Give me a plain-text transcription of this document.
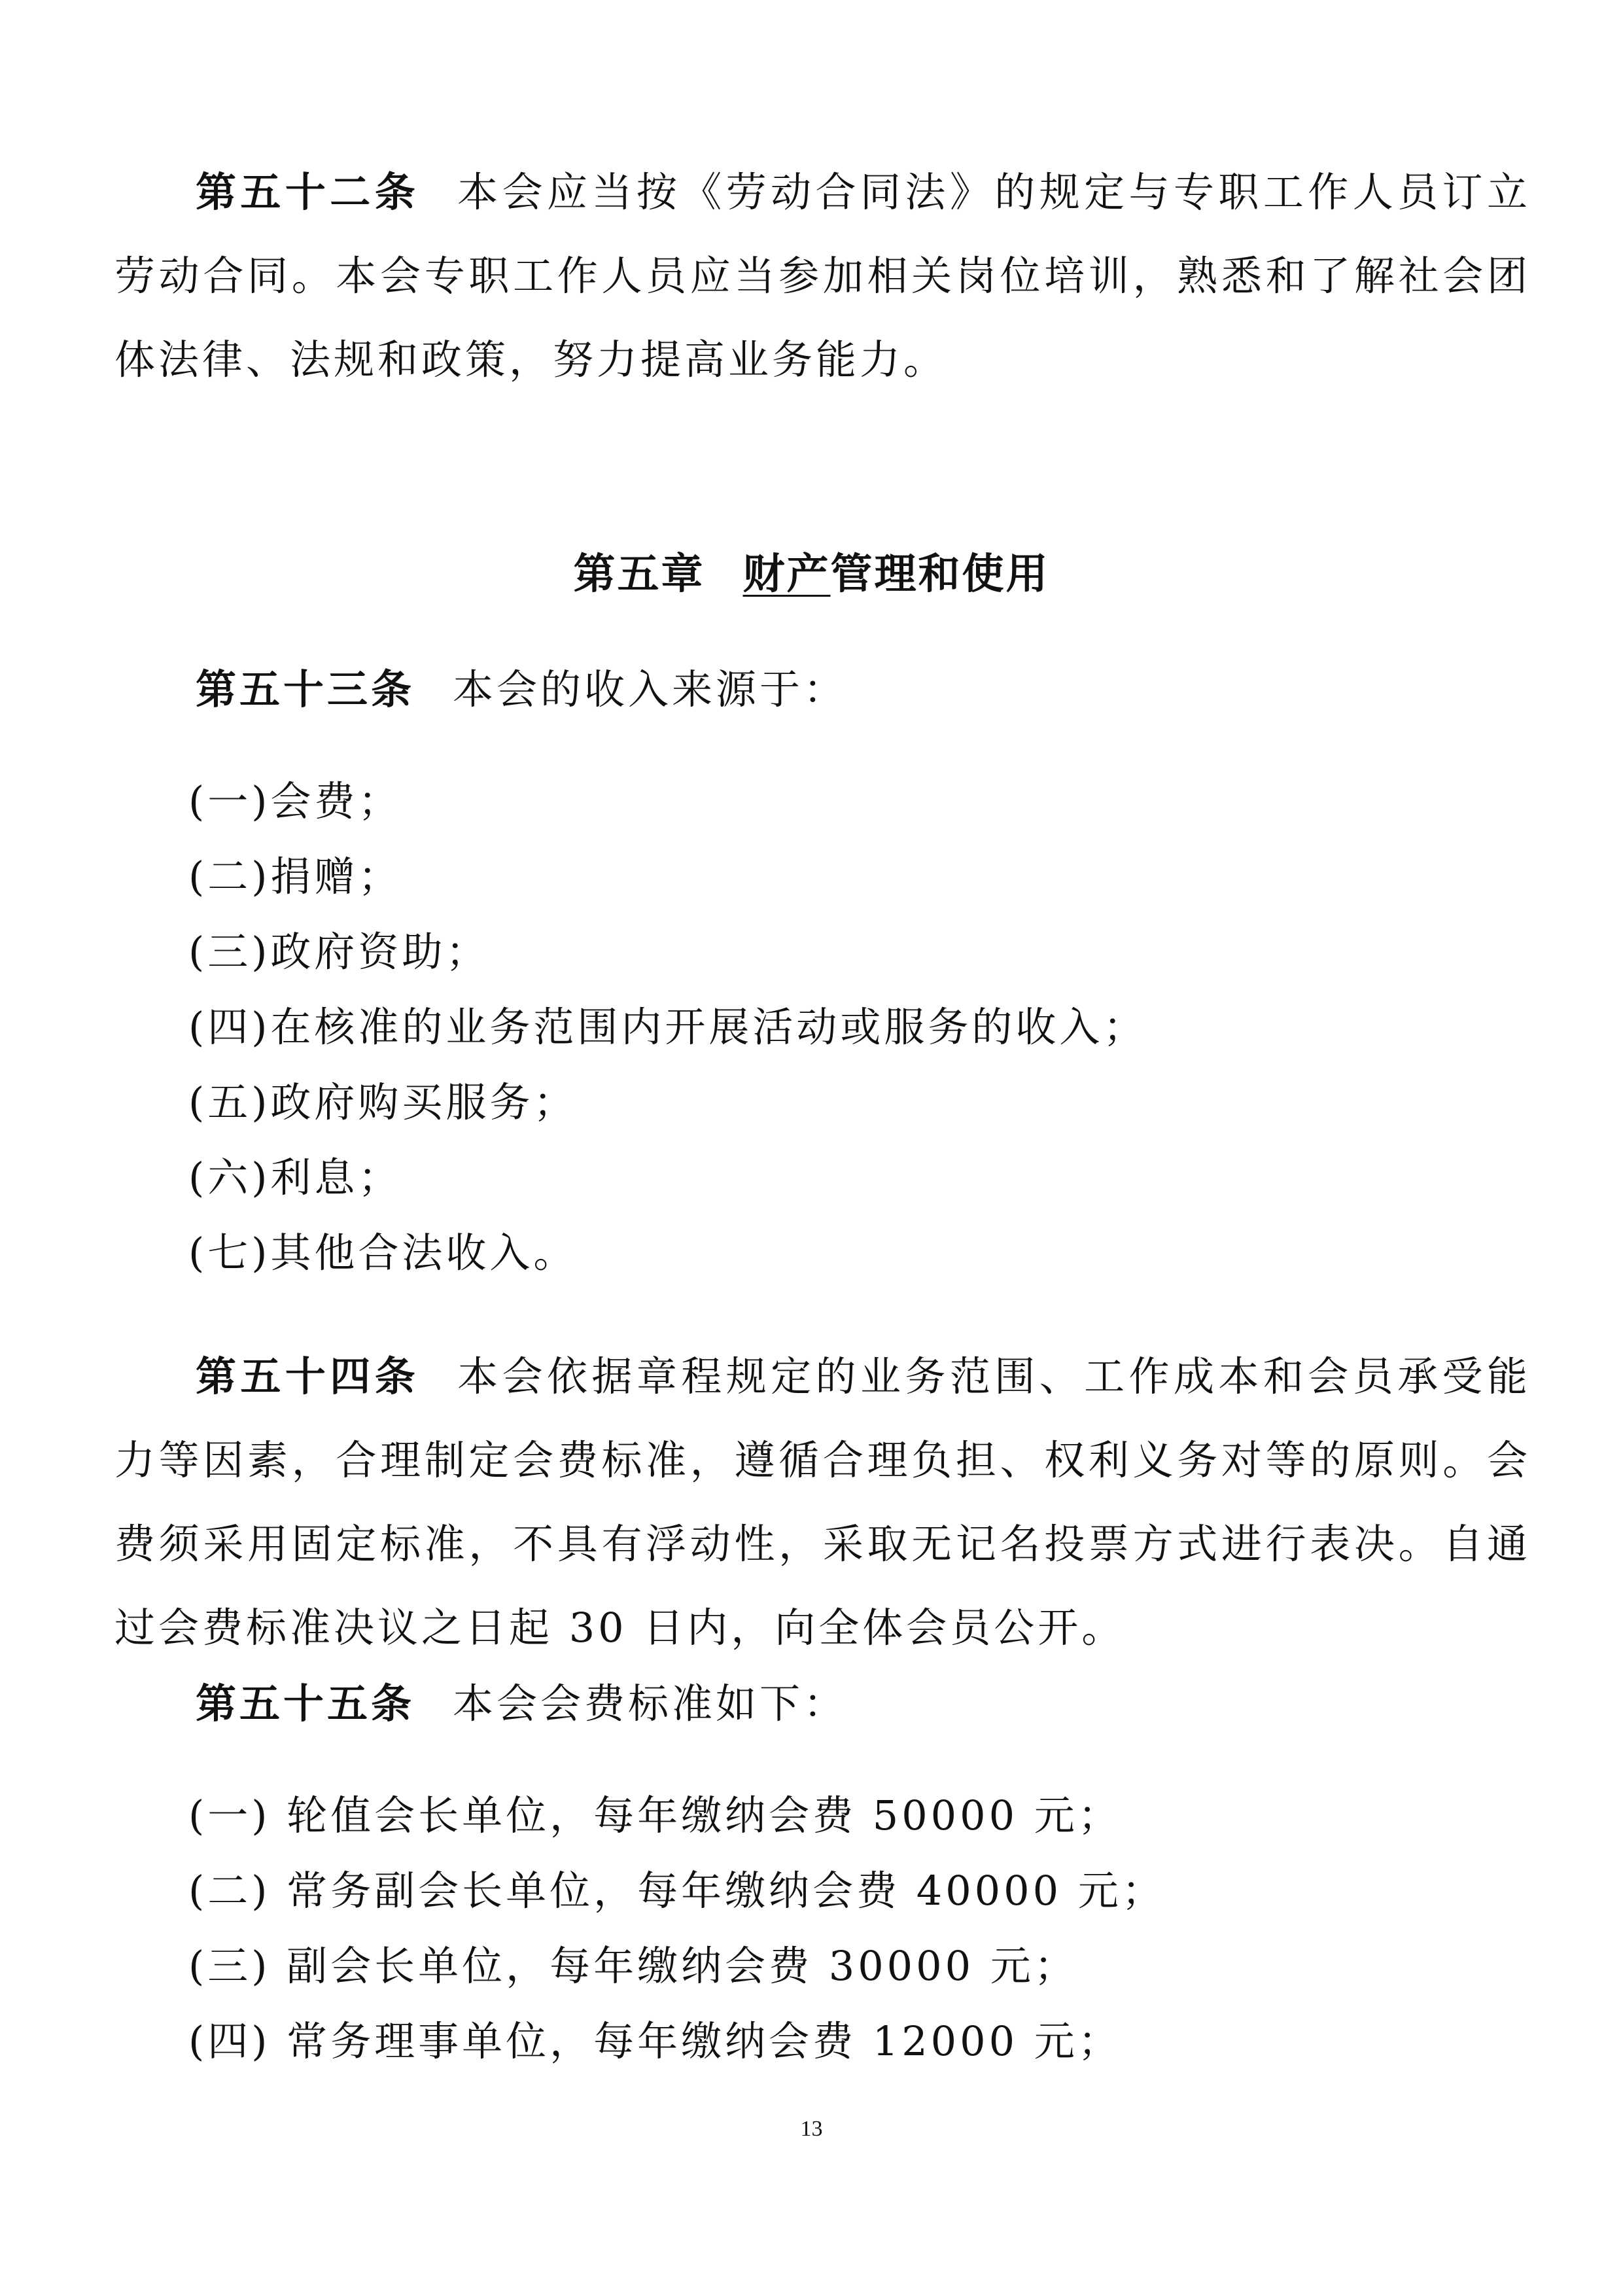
第五十二条 本会应当按《劳动合同法》的规定与专职工作人员订立劳动合同。本会专职工作人员应当参加相关岗位培训，熟悉和了解社会团体法律、法规和政策，努力提高业务能力。

第五章 财产管理和使用

第五十三条 本会的收入来源于：

(一)会费；

(二)捐赠；

(三)政府资助；

(四)在核准的业务范围内开展活动或服务的收入；

(五)政府购买服务；

(六)利息；

(七)其他合法收入。

第五十四条 本会依据章程规定的业务范围、工作成本和会员承受能力等因素，合理制定会费标准，遵循合理负担、权利义务对等的原则。会费须采用固定标准，不具有浮动性，采取无记名投票方式进行表决。自通过会费标准决议之日起 30 日内，向全体会员公开。

第五十五条 本会会费标准如下：

(一) 轮值会长单位，每年缴纳会费 50000 元；

(二) 常务副会长单位，每年缴纳会费 40000 元；

(三) 副会长单位，每年缴纳会费 30000 元；

(四) 常务理事单位，每年缴纳会费 12000 元；

13
